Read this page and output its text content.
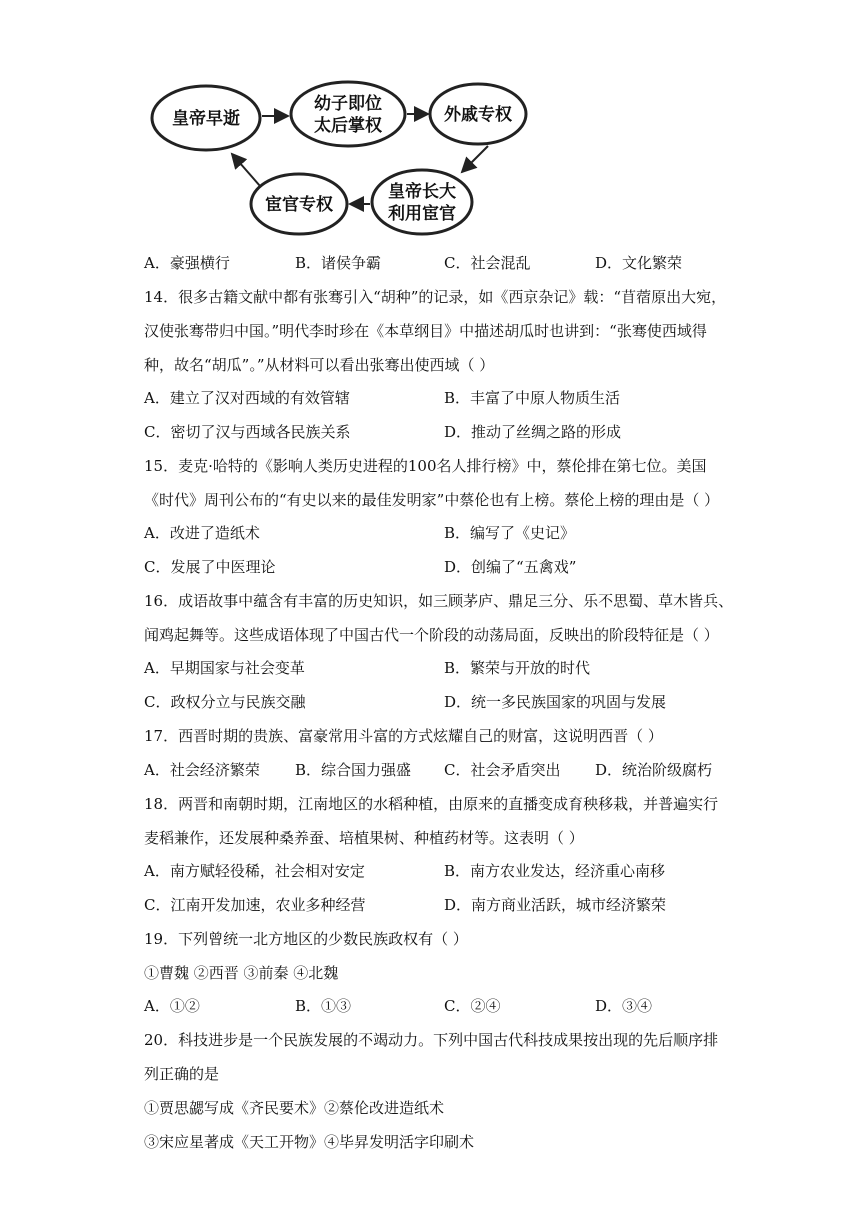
皇帝早逝
幼子即位
太后掌权
外戚专权
皇帝长大
利用宦官
宦官专权
A．豪强横行	B．诸侯争霸	C．社会混乱	D．文化繁荣
14．很多古籍文献中都有张骞引入“胡种”的记录，如《西京杂记》载：“苜蓿原出大宛，
汉使张骞带归中国。”明代李时珍在《本草纲目》中描述胡瓜时也讲到：“张骞使西域得
种，故名“胡瓜”。”从材料可以看出张骞出使西域（ ）
A．建立了汉对西域的有效管辖	B．丰富了中原人物质生活
C．密切了汉与西域各民族关系	D．推动了丝绸之路的形成
15．麦克·哈特的《影响人类历史进程的100名人排行榜》中，蔡伦排在第七位。美国
《时代》周刊公布的“有史以来的最佳发明家”中蔡伦也有上榜。蔡伦上榜的理由是（ ）
A．改进了造纸术	B．编写了《史记》
C．发展了中医理论	D．创编了“五禽戏”
16．成语故事中蕴含有丰富的历史知识，如三顾茅庐、鼎足三分、乐不思蜀、草木皆兵、
闻鸡起舞等。这些成语体现了中国古代一个阶段的动荡局面，反映出的阶段特征是（ ）
A．早期国家与社会变革	B．繁荣与开放的时代
C．政权分立与民族交融	D．统一多民族国家的巩固与发展
17．西晋时期的贵族、富豪常用斗富的方式炫耀自己的财富，这说明西晋（ ）
A．社会经济繁荣 B．综合国力强盛 C．社会矛盾突出 D．统治阶级腐朽
18．两晋和南朝时期，江南地区的水稻种植，由原来的直播变成育秧移栽，并普遍实行
麦稻兼作，还发展种桑养蚕、培植果树、种植药材等。这表明（ ）
A．南方赋轻役稀，社会相对安定	B．南方农业发达，经济重心南移
C．江南开发加速，农业多种经营	D．南方商业活跃，城市经济繁荣
19．下列曾统一北方地区的少数民族政权有（ ）
①曹魏 ②西晋 ③前秦 ④北魏
A．①②	B．①③	C．②④	D．③④
20．科技进步是一个民族发展的不竭动力。下列中国古代科技成果按出现的先后顺序排
列正确的是
①贾思勰写成《齐民要术》②蔡伦改进造纸术
③宋应星著成《天工开物》④毕昇发明活字印刷术
